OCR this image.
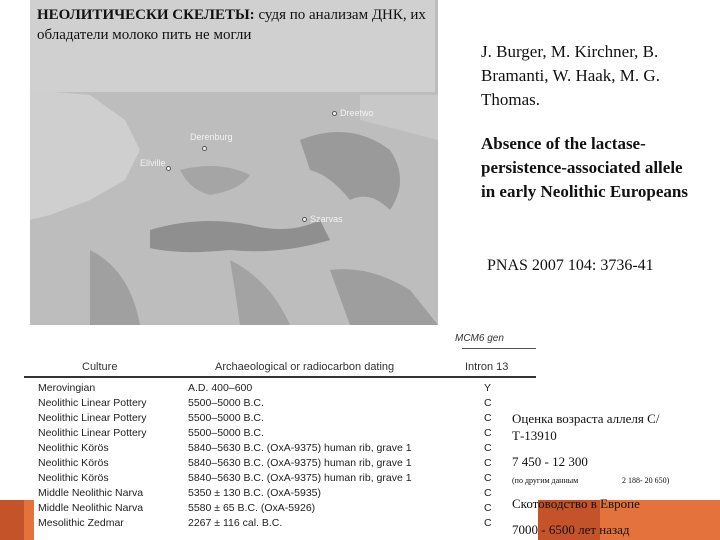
Dreetwo
Derenburg
Ellville
Szarvas
НЕОЛИТИЧЕСКИ СКЕЛЕТЫ: судя по анализам ДНК, их обладатели молоко пить не могли
J. Burger, M. Kirchner, B. Bramanti, W. Haak, M. G. Thomas.
Absence of the lactase-persistence-associated allele in early Neolithic Europeans
PNAS 2007 104: 3736-41
MCM6 gen
Culture	Archaeological or radiocarbon dating	Intron 13
Merovingian	A.D. 400–600	Y
Neolithic Linear Pottery	5500–5000 B.C.	C
Neolithic Linear Pottery	5500–5000 B.C.	C
Neolithic Linear Pottery	5500–5000 B.C.	C
Neolithic Körös	5840–5630 B.C. (OxA-9375) human rib, grave 1	C
Neolithic Körös	5840–5630 B.C. (OxA-9375) human rib, grave 1	C
Neolithic Körös	5840–5630 B.C. (OxA-9375) human rib, grave 1	C
Middle Neolithic Narva	5350 ± 130 B.C. (OxA-5935)	C
Middle Neolithic Narva	5580 ± 65 B.C. (OxA-5926)	C
Mesolithic Zedmar	2267 ± 116 cal. B.C.	C
Оценка возраста аллеля С/Т-13910
7 450 - 12 300
(по другим данным	2 188- 20 650)
Скотоводство в Европе
7000 - 6500 лет назад
